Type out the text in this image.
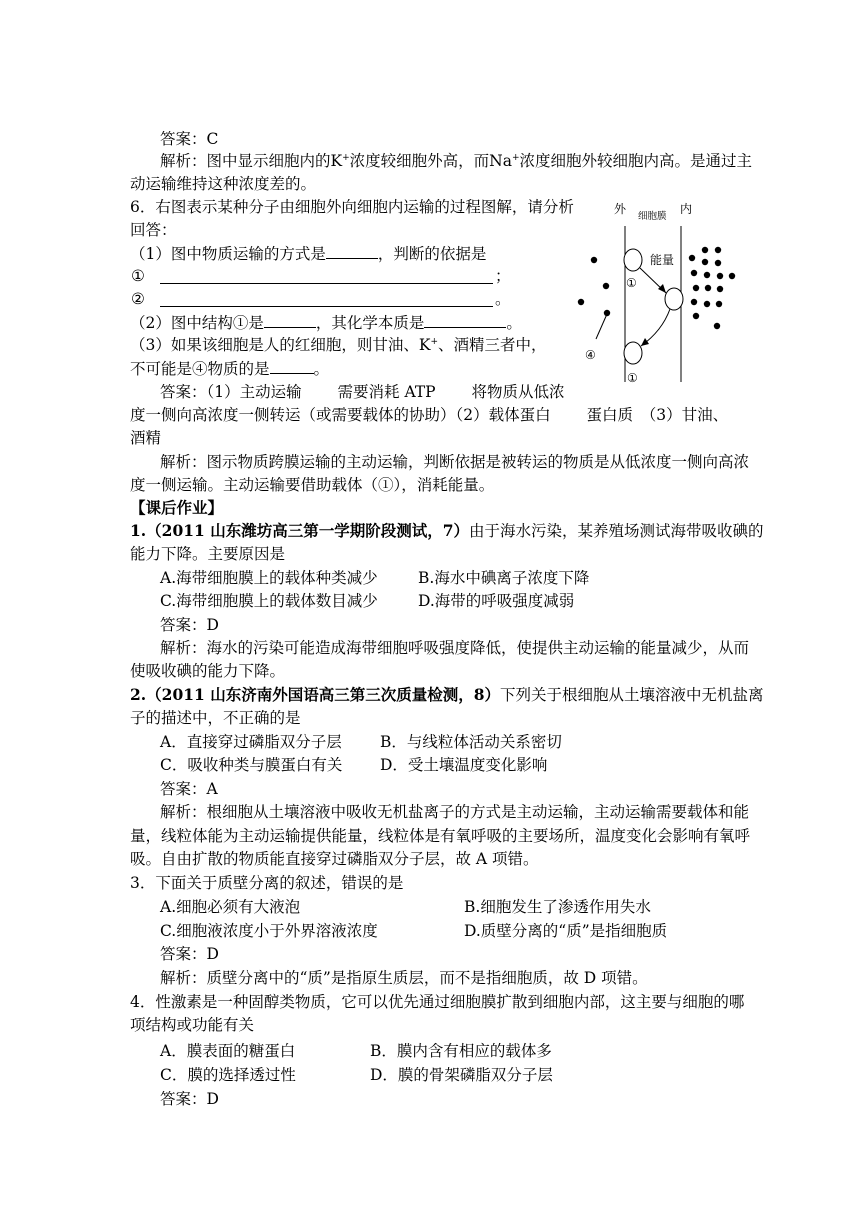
答案：C
解析：图中显示细胞内的K+浓度较细胞外高，而Na+浓度细胞外较细胞内高。是通过主
动运输维持这种浓度差的。
6．右图表示某种分子由细胞外向细胞内运输的过程图解，请分析
回答：
（1）图中物质运输的方式是	，判断的依据是
①	；
②	。
（2）图中结构①是	，其化学本质是	。
（3）如果该细胞是人的红细胞，则甘油、K+、酒精三者中，
不可能是④物质的是	。
答案：（1）主动运输　　 需要消耗 ATP　　 将物质从低浓
度一侧向高浓度一侧转运（或需要载体的协助）（2）载体蛋白　　 蛋白质　（3）甘油、
酒精
解析：图示物质跨膜运输的主动运输，判断依据是被转运的物质是从低浓度一侧向高浓
度一侧运输。主动运输要借助载体（①），消耗能量。
外
细胞膜
内
能量
①
①
④
【课后作业】
1.（2011 山东潍坊高三第一学期阶段测试，7）由于海水污染，某养殖场测试海带吸收碘的
能力下降。主要原因是
A.海带细胞膜上的载体种类减少	B.海水中碘离子浓度下降
C.海带细胞膜上的载体数目减少	D.海带的呼吸强度减弱
答案：D
解析：海水的污染可能造成海带细胞呼吸强度降低，使提供主动运输的能量减少，从而
使吸收碘的能力下降。
2.（2011 山东济南外国语高三第三次质量检测，8）下列关于根细胞从土壤溶液中无机盐离
子的描述中，不正确的是
A．直接穿过磷脂双分子层 B．与线粒体活动关系密切
C．吸收种类与膜蛋白有关 D．受土壤温度变化影响
答案：A
解析：根细胞从土壤溶液中吸收无机盐离子的方式是主动运输，主动运输需要载体和能
量，线粒体能为主动运输提供能量，线粒体是有氧呼吸的主要场所，温度变化会影响有氧呼
吸。自由扩散的物质能直接穿过磷脂双分子层，故 A 项错。
3．下面关于质壁分离的叙述，错误的是
A.细胞必须有大液泡	B.细胞发生了渗透作用失水
C.细胞液浓度小于外界溶液浓度	D.质壁分离的“质”是指细胞质
答案：D
解析：质壁分离中的“质”是指原生质层，而不是指细胞质，故 D 项错。
4．性激素是一种固醇类物质，它可以优先通过细胞膜扩散到细胞内部，这主要与细胞的哪
项结构或功能有关
A．膜表面的糖蛋白	B．膜内含有相应的载体多
C．膜的选择透过性	D．膜的骨架磷脂双分子层
答案：D
